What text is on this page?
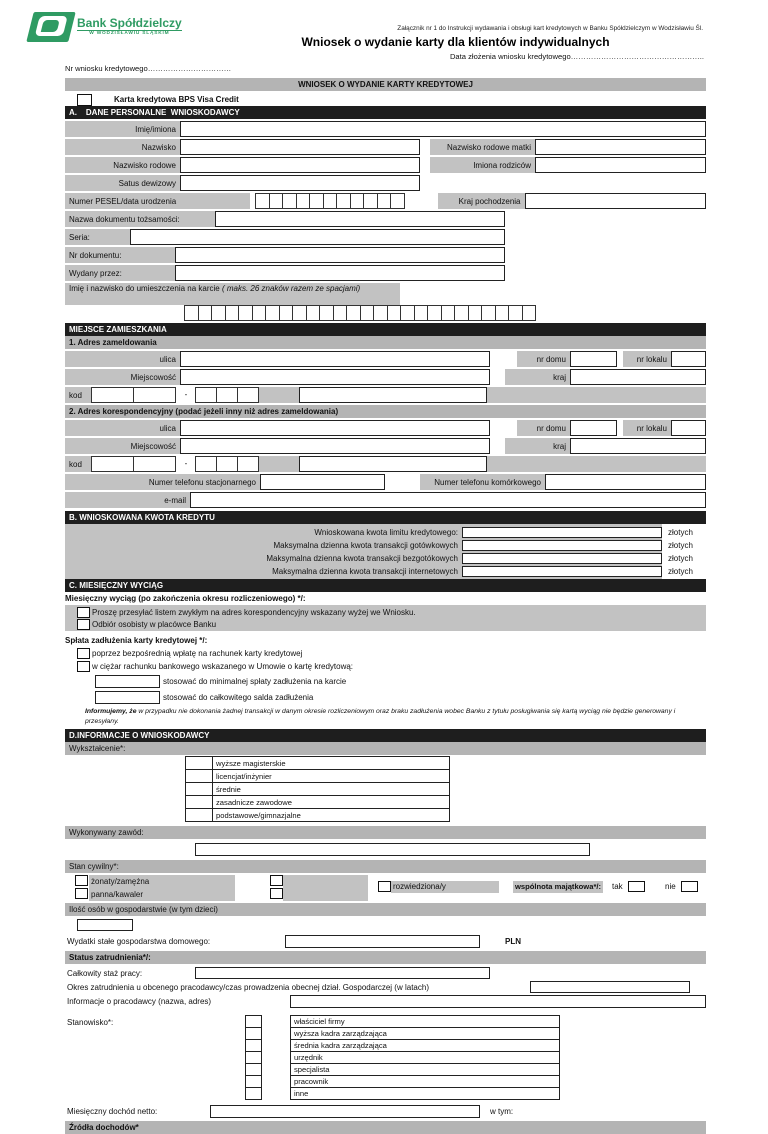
Bank Spółdzielczy
W WODZISŁAWIU ŚLĄSKIM
Załącznik nr 1 do Instrukcji wydawania i obsługi kart kredytowych w Banku Spółdzielczym w Wodzisławiu Śl.
Wniosek o wydanie karty dla klientów indywidualnych
Data złożenia wniosku kredytowego……………………………………………..
Nr wniosku kredytowego……………………………
WNIOSEK O WYDANIE KARTY KREDYTOWEJ
Karta kredytowa BPS Visa Credit
A.    DANE PERSONALNE  WNIOSKODAWCY
Imię/imiona
Nazwisko	Nazwisko rodowe matki
Nazwisko rodowe	Imiona rodziców
Satus dewizowy
Numer PESEL/data urodzenia	Kraj pochodzenia
Nazwa dokumentu tożsamości:
Seria:
Nr dokumentu:
Wydany przez:
Imię i nazwisko do umieszczenia na karcie ( maks. 26 znaków razem ze spacjami)
MIEJSCE ZAMIESZKANIA
1. Adres zameldowania
ulica	nr domu	nr lokalu
Miejscowość	kraj
kod	-
2. Adres korespondencyjny (podać jeżeli inny niż adres zameldowania)
ulica	nr domu	nr lokalu
Miejscowość	kraj
kod	-
Numer telefonu stacjonarnego	Numer telefonu komórkowego
e-mail
B. WNIOSKOWANA KWOTA KREDYTU
Wnioskowana kwota limitu kredytowego:	złotych
Maksymalna dzienna kwota transakcji gotówkowych	złotych
Maksymalna dzienna kwota transakcji bezgotókowych	złotych
Maksymalna dzienna kwota transakcji internetowych	złotych
C. MIESIĘCZNY WYCIĄG
Miesięczny wyciąg (po zakończenia okresu rozliczeniowego) */:
Proszę przesyłać listem zwykłym na adres korespondencyjny wskazany wyżej we Wniosku.
Odbiór osobisty w placówce Banku
Spłata zadłużenia karty kredytowej */:
poprzez bezpośrednią wpłatę na rachunek karty kredytowej
w ciężar rachunku bankowego wskazanego w Umowie o kartę kredytową:
stosować do minimalnej spłaty zadłużenia na karcie
stosować do całkowitego salda zadłużenia
Informujemy, że w przypadku nie dokonania żadnej transakcji w danym okresie rozliczeniowym oraz braku zadłużenia wobec Banku z tytułu posługiwania się kartą wyciąg nie będzie generowany i przesyłany.
D.INFORMACJE O WNIOSKODAWCY
Wykształcenie*:
wyższe magisterskie
licencjat/inżynier
średnie
zasadnicze zawodowe
podstawowe/gimnazjalne
Wykonywany zawód:
Stan cywilny*:
żonaty/zamężna
panna/kawaler
rozwiedziona/y	wspólnota majątkowa*/: tak	nie
Ilość osób w gospodarstwie (w tym dzieci)
Wydatki stałe gospodarstwa domowego:	PLN
Status zatrudnienia*/:
Całkowity staż pracy:
Okres zatrudnienia u obcenego pracodawcy/czas prowadzenia obecnej dział. Gospodarczej (w latach)
Informacje o pracodawcy (nazwa, adres)
Stanowisko*:	właściciel firmy
wyższa kadra zarządzająca
średnia kadra zarządzająca
urzędnik
specjalista
pracownik
inne
Miesięczny dochód netto:	w tym:
Źródła dochodów*
